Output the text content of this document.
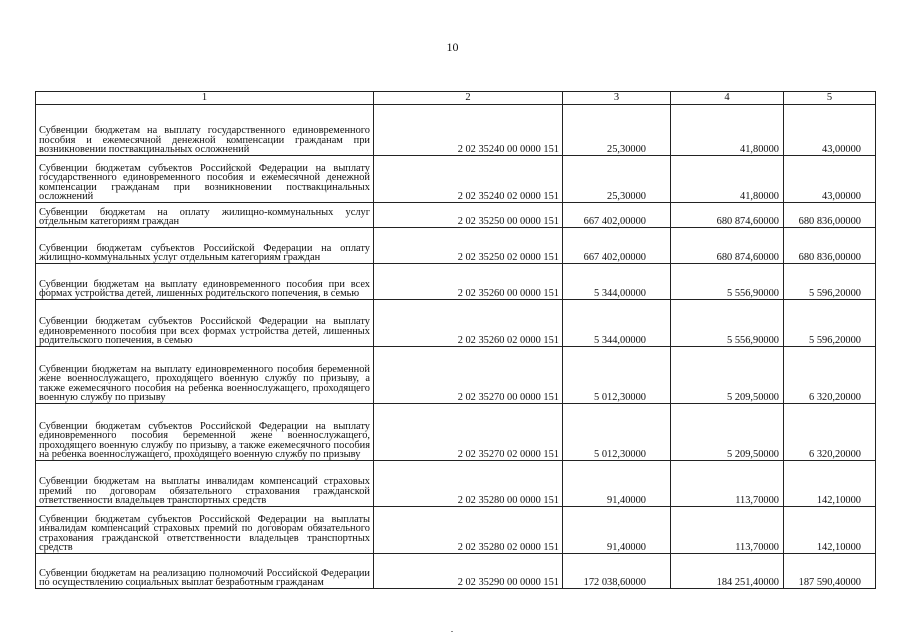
10
1	2	3	4	5
Субвенции бюджетам на выплату государственного единовременного пособия и ежемесячной денежной компенсации гражданам при возникновении поствакцинальных осложнений	2 02 35240 00 0000 151	25,30000	41,80000	43,00000
Субвенции бюджетам субъектов Российской Федерации на выплату государственного единовременного пособия и ежемесячной денежной компенсации гражданам при возникновении поствакцинальных осложнений	2 02 35240 02 0000 151	25,30000	41,80000	43,00000
Субвенции бюджетам на оплату жилищно-коммунальных услуг отдельным категориям граждан	2 02 35250 00 0000 151	667 402,00000	680 874,60000	680 836,00000
Субвенции бюджетам субъектов Российской Федерации на оплату жилищно-коммунальных услуг отдельным категориям граждан	2 02 35250 02 0000 151	667 402,00000	680 874,60000	680 836,00000
Субвенции бюджетам на выплату единовременного пособия при всех формах устройства детей, лишенных родительского попечения, в семью	2 02 35260 00 0000 151	5 344,00000	5 556,90000	5 596,20000
Субвенции бюджетам субъектов Российской Федерации на выплату единовременного пособия при всех формах устройства детей, лишенных родительского попечения, в семью	2 02 35260 02 0000 151	5 344,00000	5 556,90000	5 596,20000
Субвенции бюджетам на выплату единовременного пособия беременной жене военнослужащего, проходящего военную службу по призыву, а также ежемесячного пособия на ребенка военнослужащего, проходящего военную службу по призыву	2 02 35270 00 0000 151	5 012,30000	5 209,50000	6 320,20000
Субвенции бюджетам субъектов Российской Федерации на выплату единовременного пособия беременной жене военнослужащего, проходящего военную службу по призыву, а также ежемесячного пособия на ребенка военнослужащего, проходящего военную службу по призыву	2 02 35270 02 0000 151	5 012,30000	5 209,50000	6 320,20000
Субвенции бюджетам на выплаты инвалидам компенсаций страховых премий по договорам обязательного страхования гражданской ответственности владельцев транспортных средств	2 02 35280 00 0000 151	91,40000	113,70000	142,10000
Субвенции бюджетам субъектов Российской Федерации на выплаты инвалидам компенсаций страховых премий по договорам обязательного страхования гражданской ответственности владельцев транспортных средств	2 02 35280 02 0000 151	91,40000	113,70000	142,10000
Субвенции бюджетам на реализацию полномочий Российской Федерации по осуществлению социальных выплат безработным гражданам	2 02 35290 00 0000 151	172 038,60000	184 251,40000	187 590,40000
